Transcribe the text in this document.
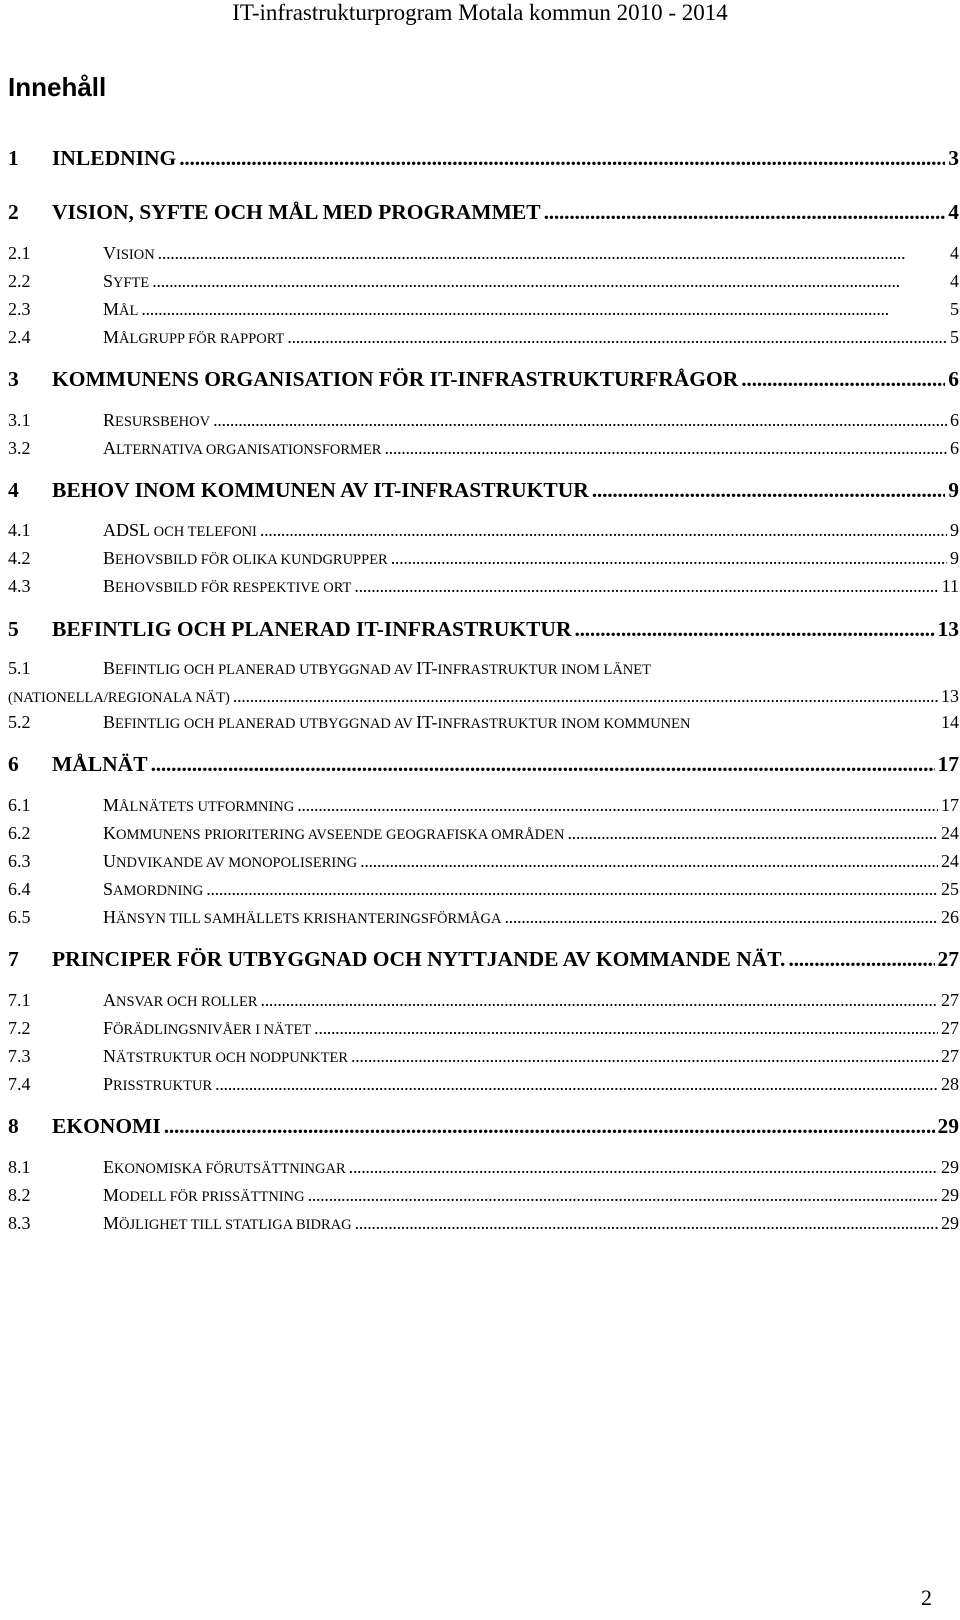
IT-infrastrukturprogram Motala kommun 2010 - 2014
Innehåll
1	INLEDNING . . .	3
2	VISION, SYFTE OCH MÅL MED PROGRAMMET . . .	4
2.1	VISION . . .	4
2.2	SYFTE . . .	4
2.3	MÅL . . .	5
2.4	MÅLGRUPP FÖR RAPPORT . . .	5
3	KOMMUNENS ORGANISATION FÖR IT-INFRASTRUKTURFRÅGOR . . .	6
3.1	RESURSBEHOV . . .	6
3.2	ALTERNATIVA ORGANISATIONSFORMER . . .	6
4	BEHOV INOM KOMMUNEN AV IT-INFRASTRUKTUR . . .	9
4.1	ADSL OCH TELEFONI . . .	9
4.2	BEHOVSBILD FÖR OLIKA KUNDGRUPPER . . .	9
4.3	BEHOVSBILD FÖR RESPEKTIVE ORT . . .	11
5	BEFINTLIG OCH PLANERAD IT-INFRASTRUKTUR . . .	13
5.1	BEFINTLIG OCH PLANERAD UTBYGGNAD AV IT-INFRASTRUKTUR INOM LÄNET
(NATIONELLA/REGIONALA NÄT) . . .	13
5.2	BEFINTLIG OCH PLANERAD UTBYGGNAD AV IT-INFRASTRUKTUR INOM KOMMUNEN	14
6	MÅLNÄT . . .	17
6.1	MÅLNÄTETS UTFORMNING . . .	17
6.2	KOMMUNENS PRIORITERING AVSEENDE GEOGRAFISKA OMRÅDEN . . .	24
6.3	UNDVIKANDE AV MONOPOLISERING . . .	24
6.4	SAMORDNING . . .	25
6.5	HÄNSYN TILL SAMHÄLLETS KRISHANTERINGSFÖRMÅGA . . .	26
7	PRINCIPER FÖR UTBYGGNAD OCH NYTTJANDE AV KOMMANDE NÄT. . . .	27
7.1	ANSVAR OCH ROLLER . . .	27
7.2	FÖRÄDLINGSNIVÅER I NÄTET . . .	27
7.3	NÄTSTRUKTUR OCH NODPUNKTER . . .	27
7.4	PRISSTRUKTUR . . .	28
8	EKONOMI . . .	29
8.1	EKONOMISKA FÖRUTSÄTTNINGAR . . .	29
8.2	MODELL FÖR PRISSÄTTNING . . .	29
8.3	MÖJLIGHET TILL STATLIGA BIDRAG . . .	29
2
